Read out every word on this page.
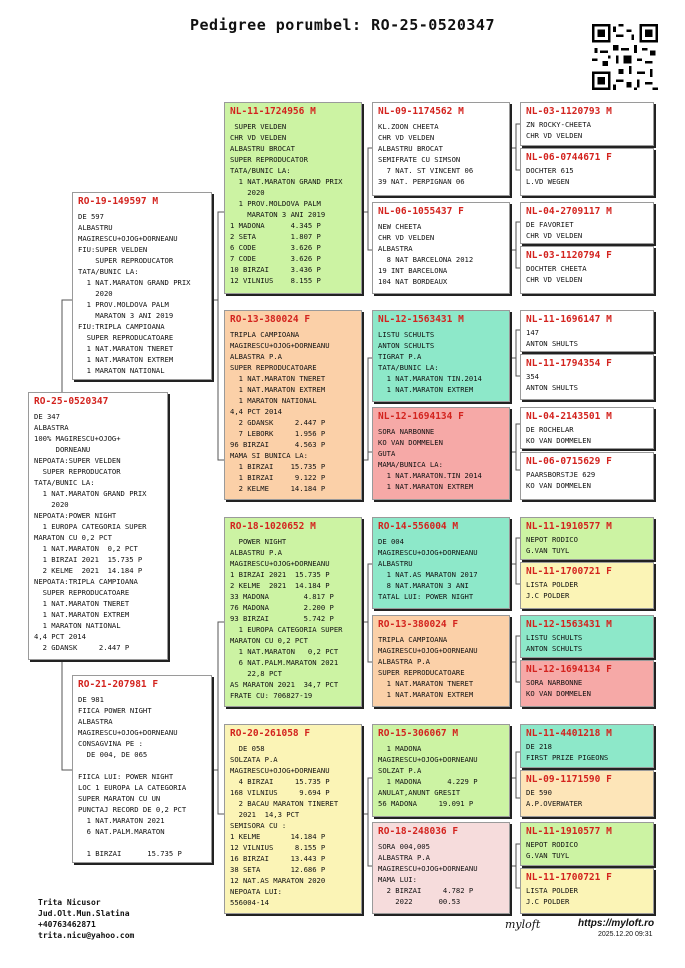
Pedigree porumbel: RO-25-0520347
RO-25-0520347
DE 347
ALBASTRA
100% MAGIRESCU+OJOG+
DORNEANU
NEPOATA:SUPER VELDEN
SUPER REPRODUCATOR
TATA/BUNIC LA:
1 NAT.MARATON GRAND PRIX
2020
NEPOATA:POWER NIGHT
1 EUROPA CATEGORIA SUPER
MARATON CU 0,2 PCT
1 NAT.MARATON  0,2 PCT
1 BIRZAI 2021  15.735 P
2 KELME  2021  14.184 P
NEPOATA:TRIPLA CAMPIOANA
SUPER REPRODUCATOARE
1 NAT.MARATON TNERET
1 NAT.MARATON EXTREM
1 MARATON NATIONAL
4,4 PCT 2014
2 GDANSK     2.447 P
RO-19-149597 M
DE 597
ALBASTRU
MAGIRESCU+OJOG+DORNEANU
FIU:SUPER VELDEN
SUPER REPRODUCATOR
TATA/BUNIC LA:
1 NAT.MARATON GRAND PRIX
2020
1 PROV.MOLDOVA PALM
MARATON 3 ANI 2019
FIU:TRIPLA CAMPIOANA
SUPER REPRODUCATOARE
1 NAT.MARATON TNERET
1 NAT.MARATON EXTREM
1 MARATON NATIONAL
RO-21-207981 F
DE 981
FIICA POWER NIGHT
ALBASTRA
MAGIRESCU+OJOG+DORNEANU
CONSAGVINA PE :
DE 004, DE 065

FIICA LUI: POWER NIGHT
LOC 1 EUROPA LA CATEGORIA
SUPER MARATON CU UN
PUNCTAJ RECORD DE 0,2 PCT
1 NAT.MARATON 2021
6 NAT.PALM.MARATON

1 BIRZAI      15.735 P
NL-11-1724956 M
SUPER VELDEN
CHR VD VELDEN
ALBASTRU BROCAT
SUPER REPRODUCATOR
TATA/BUNIC LA:
1 NAT.MARATON GRAND PRIX
2020
1 PROV.MOLDOVA PALM
MARATON 3 ANI 2019
1 MADONA      4.345 P
2 SETA        1.807 P
6 CODE        3.626 P
7 CODE        3.626 P
10 BIRZAI     3.436 P
12 VILNIUS    8.155 P
RO-13-380024 F
TRIPLA CAMPIOANA
MAGIRESCU+OJOG+DORNEANU
ALBASTRA P.A
SUPER REPRODUCATOARE
1 NAT.MARATON TNERET
1 NAT.MARATON EXTREM
1 MARATON NATIONAL
4,4 PCT 2014
2 GDANSK     2.447 P
7 LEBORK     1.956 P
96 BIRZAI      4.563 P
MAMA SI BUNICA LA:
1 BIRZAI    15.735 P
1 BIRZAI     9.122 P
2 KELME     14.184 P
RO-18-1020652 M
POWER NIGHT
ALBASTRU P.A
MAGIRESCU+OJOG+DORNEANU
1 BIRZAI 2021  15.735 P
2 KELME  2021  14.184 P
33 MADONA        4.817 P
76 MADONA        2.200 P
93 BIRZAI        5.742 P
1 EUROPA CATEGORIA SUPER
MARATON CU 0,2 PCT
1 NAT.MARATON   0,2 PCT
6 NAT.PALM.MARATON 2021
22,8 PCT
AS MARATON 2021  34,7 PCT
FRATE CU: 706827-19
RO-20-261058 F
DE 058
SOLZATA P.A
MAGIRESCU+OJOG+DORNEANU
4 BIRZAI     15.735 P
168 VILNIUS     9.694 P
2 BACAU MARATON TINERET
2021  14,3 PCT
SEMISORA CU :
1 KELME       14.184 P
12 VILNIUS     8.155 P
16 BIRZAI     13.443 P
38 SETA       12.686 P
12 NAT.AS MARATON 2020
NEPOATA LUI:
556004-14
NL-09-1174562 M
KL.ZOON CHEETA
CHR VD VELDEN
ALBASTRU BROCAT
SEMIFRATE CU SIMSON
7 NAT. ST VINCENT 06
39 NAT. PERPIGNAN 06
NL-06-1055437 F
NEW CHEETA
CHR VD VELDEN
ALBASTRA
8 NAT BARCELONA 2012
19 INT BARCELONA
104 NAT BORDEAUX
NL-12-1563431 M
LISTU SCHULTS
ANTON SCHULTS
TIGRAT P.A
TATA/BUNIC LA:
1 NAT.MARATON TIN.2014
1 NAT.MARATON EXTREM
NL-12-1694134 F
SORA NARBONNE
KO VAN DOMMELEN
GUTA
MAMA/BUNICA LA:
1 NAT.MARATON.TIN 2014
1 NAT.MARATON EXTREM
RO-14-556004 M
DE 004
MAGIRESCU+OJOG+DORNEANU
ALBASTRU
1 NAT.AS MARATON 2017
8 NAT.MARATON 3 ANI
TATAL LUI: POWER NIGHT
RO-13-380024 F
TRIPLA CAMPIOANA
MAGIRESCU+OJOG+DORNEANU
ALBASTRA P.A
SUPER REPRODUCATOARE
1 NAT.MARATON TNERET
1 NAT.MARATON EXTREM
RO-15-306067 M
1 MADONA
MAGIRESCU+OJOG+DORNEANU
SOLZAT P.A
1 MADONA      4.229 P
ANULAT,ANUNT GRESIT
56 MADONA     19.091 P
RO-18-248036 F
SORA 004,005
ALBASTRA P.A
MAGIRESCU+OJOG+DORNEANU
MAMA LUI:
2 BIRZAI     4.782 P
2022      00.53
NL-03-1120793 M
ZN ROCKY-CHEETA
CHR VD VELDEN
NL-06-0744671 F
DOCHTER 615
L.VD WEGEN
NL-04-2709117 M
DE FAVORIET
CHR VD VELDEN
NL-03-1120794 F
DOCHTER CHEETA
CHR VD VELDEN
NL-11-1696147 M
147
ANTON SHULTS
NL-11-1794354 F
354
ANTON SHULTS
NL-04-2143501 M
DE ROCHELAR
KO VAN DOMMELEN
NL-06-0715629 F
PAARSBORSTJE 629
KO VAN DOMMELEN
NL-11-1910577 M
NEPOT RODICO
G.VAN TUYL
NL-11-1700721 F
LISTA POLDER
J.C POLDER
NL-12-1563431 M
LISTU SCHULTS
ANTON SCHULTS
NL-12-1694134 F
SORA NARBONNE
KO VAN DOMMELEN
NL-11-4401218 M
DE 218
FIRST PRIZE PIGEONS
NL-09-1171590 F
DE 590
A.P.OVERWATER
NL-11-1910577 M
NEPOT RODICO
G.VAN TUYL
NL-11-1700721 F
LISTA POLDER
J.C POLDER
Trita Nicusor
Jud.Olt.Mun.Slatina
+40763462871
trita.nicu@yahoo.com
myloft	https://myloft.ro
2025.12.20 09:31
